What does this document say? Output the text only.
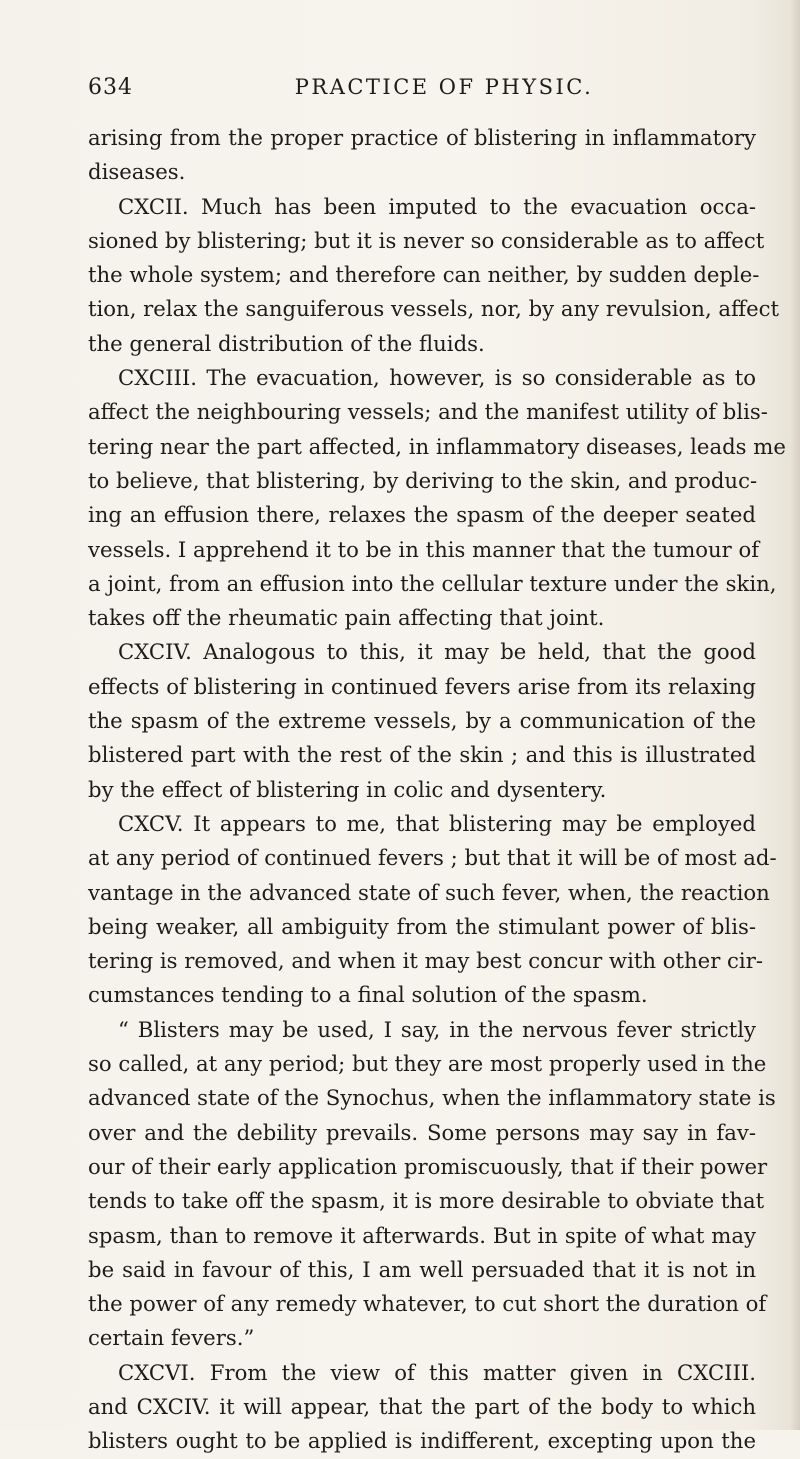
634	PRACTICE OF PHYSIC.
arising from the proper practice of blistering in inflammatory
diseases.
CXCII. Much has been imputed to the evacuation occa-
sioned by blistering; but it is never so considerable as to affect
the whole system; and therefore can neither, by sudden deple-
tion, relax the sanguiferous vessels, nor, by any revulsion, affect
the general distribution of the fluids.
CXCIII. The evacuation, however, is so considerable as to
affect the neighbouring vessels; and the manifest utility of blis-
tering near the part affected, in inflammatory diseases, leads me
to believe, that blistering, by deriving to the skin, and produc-
ing an effusion there, relaxes the spasm of the deeper seated
vessels. I apprehend it to be in this manner that the tumour of
a joint, from an effusion into the cellular texture under the skin,
takes off the rheumatic pain affecting that joint.
CXCIV. Analogous to this, it may be held, that the good
effects of blistering in continued fevers arise from its relaxing
the spasm of the extreme vessels, by a communication of the
blistered part with the rest of the skin ; and this is illustrated
by the effect of blistering in colic and dysentery.
CXCV. It appears to me, that blistering may be employed
at any period of continued fevers ; but that it will be of most ad-
vantage in the advanced state of such fever, when, the reaction
being weaker, all ambiguity from the stimulant power of blis-
tering is removed, and when it may best concur with other cir-
cumstances tending to a final solution of the spasm.
“ Blisters may be used, I say, in the nervous fever strictly
so called, at any period; but they are most properly used in the
advanced state of the Synochus, when the inflammatory state is
over and the debility prevails. Some persons may say in fav-
our of their early application promiscuously, that if their power
tends to take off the spasm, it is more desirable to obviate that
spasm, than to remove it afterwards. But in spite of what may
be said in favour of this, I am well persuaded that it is not in
the power of any remedy whatever, to cut short the duration of
certain fevers.”
CXCVI. From the view of this matter given in CXCIII.
and CXCIV. it will appear, that the part of the body to which
blisters ought to be applied is indifferent, excepting upon the
